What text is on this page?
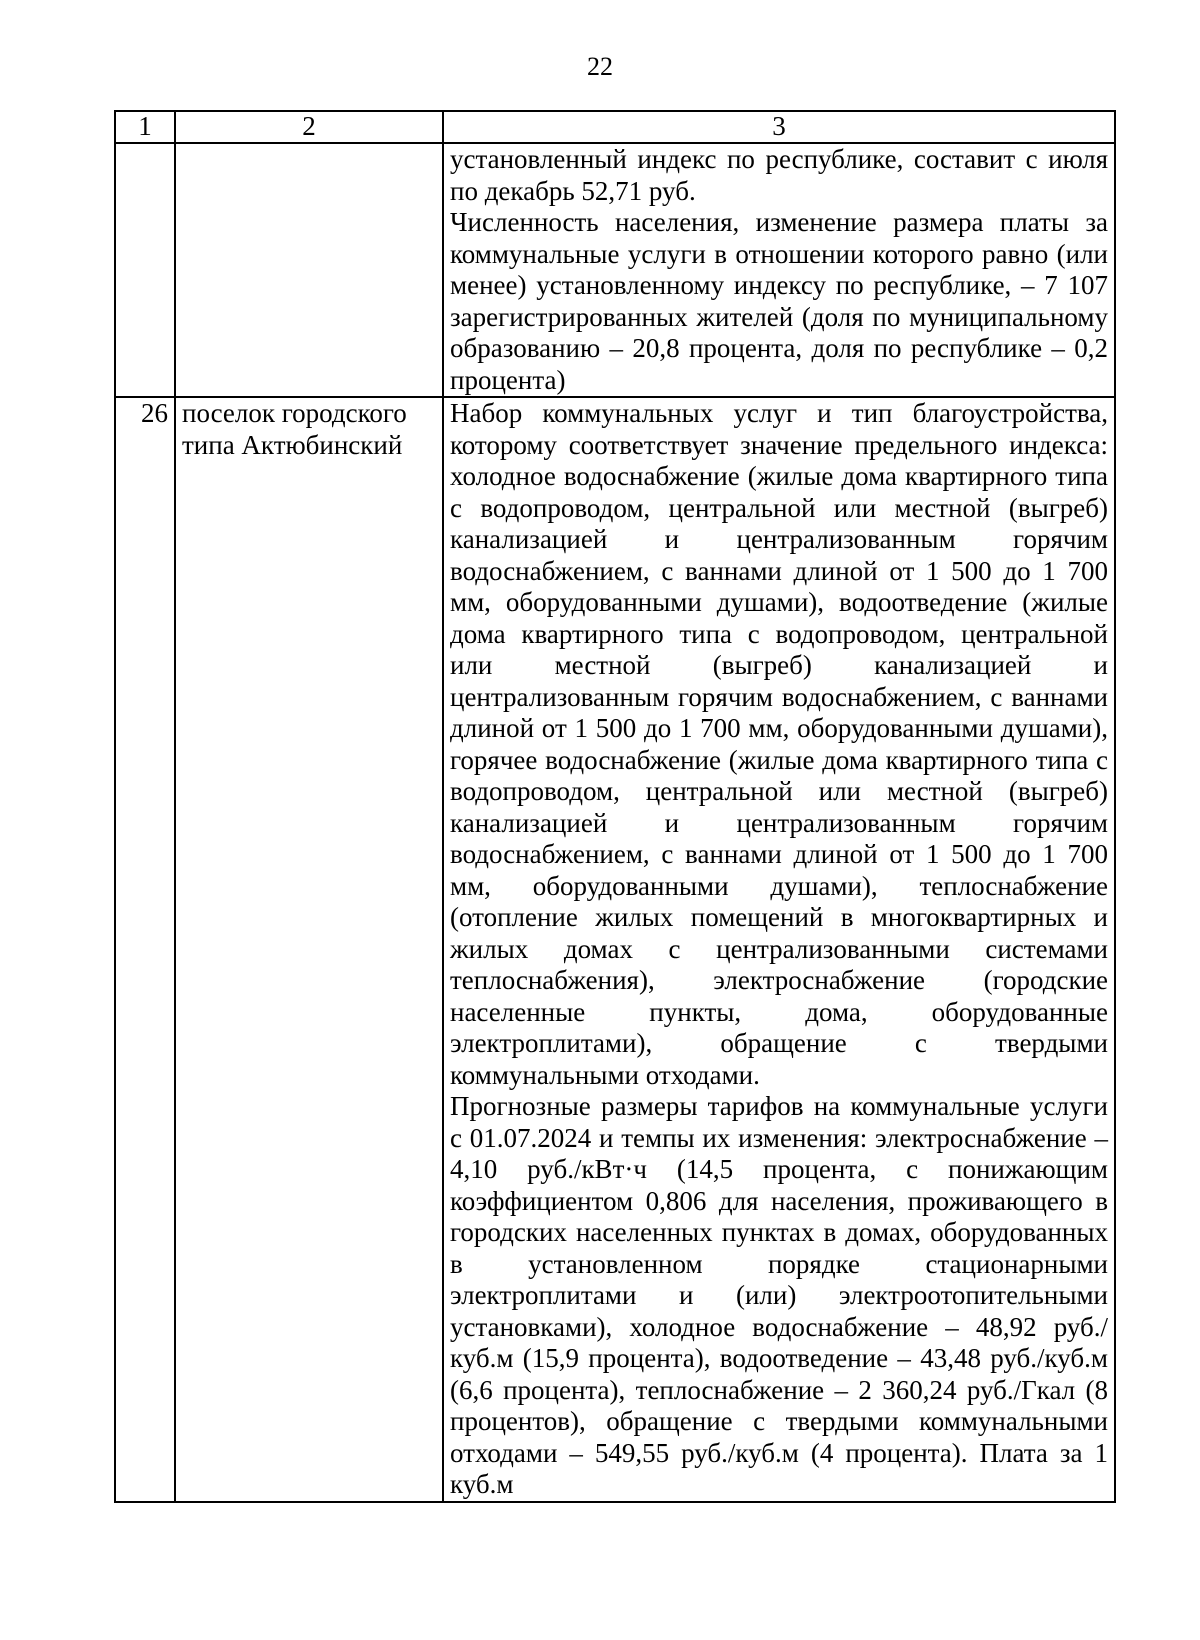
22
1	2	3

		установленный индекс по республике, составит с июля по декабрь 52,71 руб.

Численность населения, изменение размера платы за коммунальные услуги в отношении которого равно (или менее) установленному индексу по республике, – 7 107 зарегистрированных жителей (доля по муниципальному образованию – 20,8 процента, доля по республике – 0,2 процента)

26	поселок городского типа Актюбинский	Набор коммунальных услуг и тип благоустройства, которому соответствует значение предельного индекса: холодное водоснабжение (жилые дома квартирного типа с водопроводом, центральной или местной (выгреб) канализацией и централизованным горячим водоснабжением, с ваннами длиной от 1 500 до 1 700 мм, оборудованными душами), водоотведение (жилые дома квартирного типа с водопроводом, центральной или местной (выгреб) канализацией и централизованным горячим водоснабжением, с ваннами длиной от 1 500 до 1 700 мм, оборудованными душами), горячее водоснабжение (жилые дома квартирного типа с водопроводом, центральной или местной (выгреб) канализацией и централизованным горячим водоснабжением, с ваннами длиной от 1 500 до 1 700 мм, оборудованными душами), теплоснабжение (отопление жилых помещений в многоквартирных и жилых домах с централизованными системами теплоснабжения), электроснабжение (городские населенные пункты, дома, оборудованные электроплитами), обращение с твердыми коммунальными отходами.

Прогнозные размеры тарифов на коммунальные услуги с 01.07.2024 и темпы их изменения: электроснабжение – 4,10 руб./кВт·ч (14,5 процента, с понижающим коэффициентом 0,806 для населения, проживающего в городских населенных пунктах в домах, оборудованных в установленном порядке стационарными электроплитами и (или) электроотопительными установками), холодное водоснабжение – 48,92 руб./куб.м (15,9 процента), водоотведение – 43,48 руб./куб.м (6,6 процента), теплоснабжение – 2 360,24 руб./Гкал (8 процентов), обращение с твердыми коммунальными отходами – 549,55 руб./куб.м (4 процента). Плата за 1 куб.м
